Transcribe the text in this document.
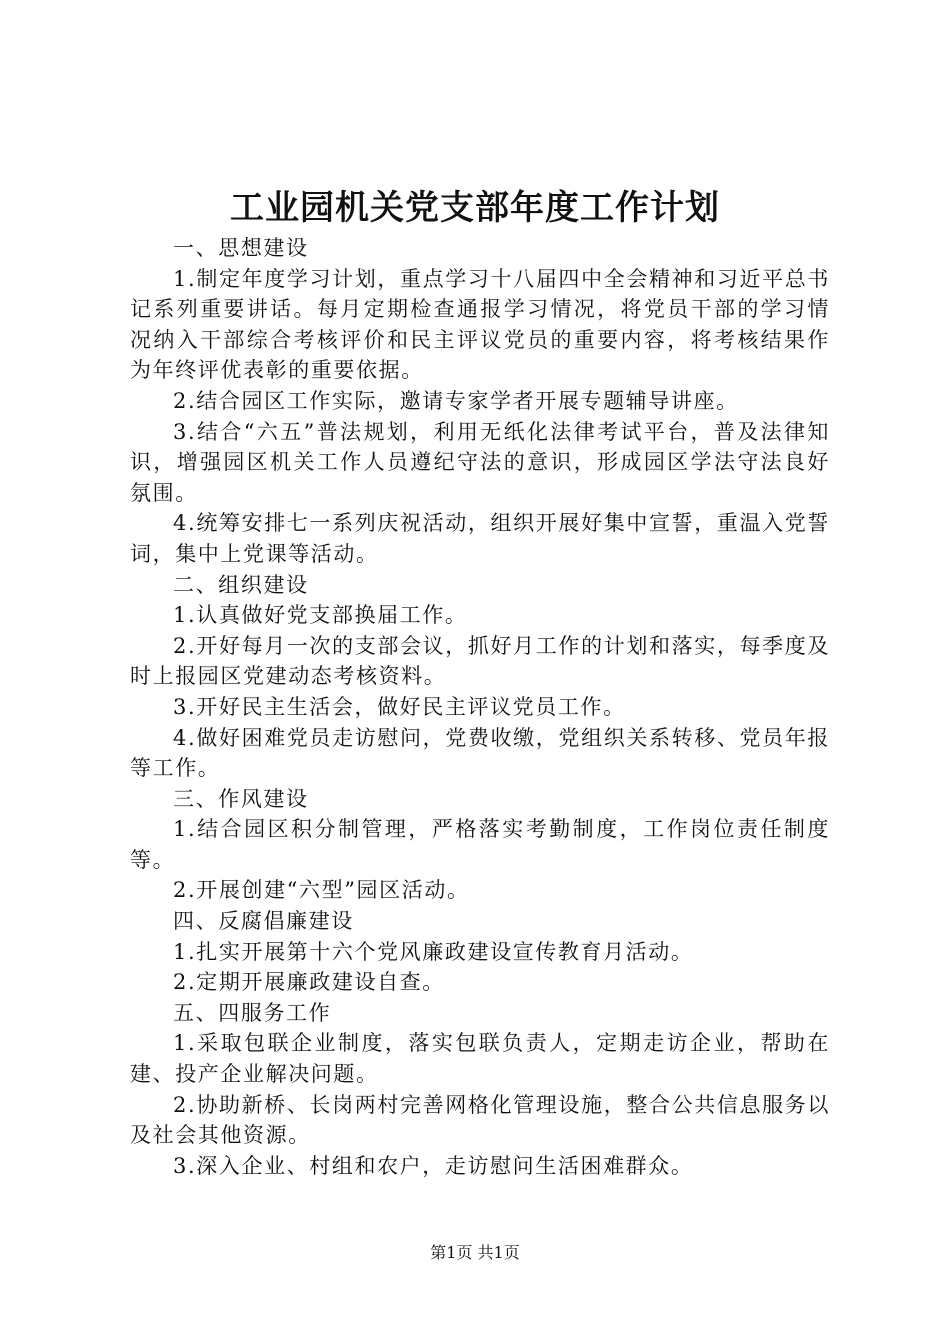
工业园机关党支部年度工作计划

一、思想建设

1.制定年度学习计划，重点学习十八届四中全会精神和习近平总书记系列重要讲话。每月定期检查通报学习情况，将党员干部的学习情况纳入干部综合考核评价和民主评议党员的重要内容，将考核结果作为年终评优表彰的重要依据。

2.结合园区工作实际，邀请专家学者开展专题辅导讲座。

3.结合“六五”普法规划，利用无纸化法律考试平台，普及法律知识，增强园区机关工作人员遵纪守法的意识，形成园区学法守法良好氛围。

4.统筹安排七一系列庆祝活动，组织开展好集中宣誓，重温入党誓词，集中上党课等活动。

二、组织建设

1.认真做好党支部换届工作。

2.开好每月一次的支部会议，抓好月工作的计划和落实，每季度及时上报园区党建动态考核资料。

3.开好民主生活会，做好民主评议党员工作。

4.做好困难党员走访慰问，党费收缴，党组织关系转移、党员年报等工作。

三、作风建设

1.结合园区积分制管理，严格落实考勤制度，工作岗位责任制度等。

2.开展创建“六型”园区活动。

四、反腐倡廉建设

1.扎实开展第十六个党风廉政建设宣传教育月活动。

2.定期开展廉政建设自查。

五、四服务工作

1.采取包联企业制度，落实包联负责人，定期走访企业，帮助在建、投产企业解决问题。

2.协助新桥、长岗两村完善网格化管理设施，整合公共信息服务以及社会其他资源。

3.深入企业、村组和农户，走访慰问生活困难群众。

第1页 共1页
